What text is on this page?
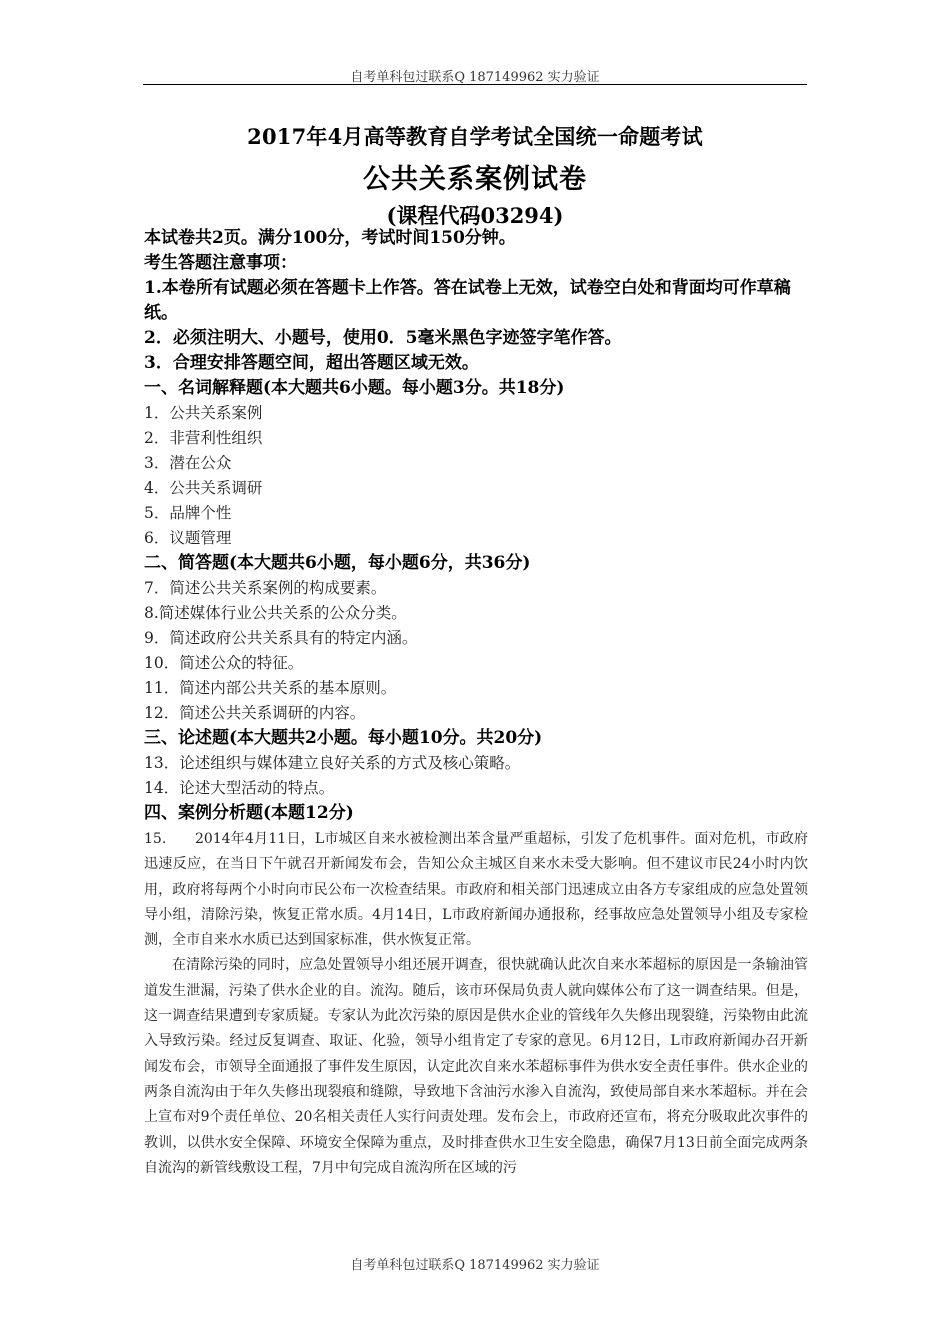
自考单科包过联系Q 187149962 实力验证
2017年4月高等教育自学考试全国统一命题考试
公共关系案例试卷
(课程代码03294)
本试卷共2页。满分100分，考试时间150分钟。
考生答题注意事项：
1.本卷所有试题必须在答题卡上作答。答在试卷上无效，试卷空白处和背面均可作草稿纸。
2．必须注明大、小题号，使用0．5毫米黑色字迹签字笔作答。
3．合理安排答题空间，超出答题区域无效。
一、名词解释题(本大题共6小题。每小题3分。共18分)
1．公共关系案例
2．非营利性组织
3．潜在公众
4．公共关系调研
5．品牌个性
6．议题管理
二、简答题(本大题共6小题，每小题6分，共36分)
7．简述公共关系案例的构成要素。
8.简述媒体行业公共关系的公众分类。
9．简述政府公共关系具有的特定内涵。
10．简述公众的特征。
11．简述内部公共关系的基本原则。
12．简述公共关系调研的内容。
三、论述题(本大题共2小题。每小题10分。共20分)
13．论述组织与媒体建立良好关系的方式及核心策略。
14．论述大型活动的特点。
四、案例分析题(本题12分)

15.　　2014年4月11日，L市城区自来水被检测出苯含量严重超标，引发了危机事件。面对危机，市政府迅速反应，在当日下午就召开新闻发布会，告知公众主城区自来水未受大影响。但不建议市民24小时内饮用，政府将每两个小时向市民公布一次检查结果。市政府和相关部门迅速成立由各方专家组成的应急处置领导小组，清除污染，恢复正常水质。4月14日，L市政府新闻办通报称，经事故应急处置领导小组及专家检测，全市自来水水质已达到国家标准，供水恢复正常。

在清除污染的同时，应急处置领导小组还展开调查，很快就确认此次自来水苯超标的原因是一条输油管道发生泄漏，污染了供水企业的自。流沟。随后，该市环保局负责人就向媒体公布了这一调查结果。但是，这一调查结果遭到专家质疑。专家认为此次污染的原因是供水企业的管线年久失修出现裂缝，污染物由此流入导致污染。经过反复调查、取证、化验，领导小组肯定了专家的意见。6月12日，L市政府新闻办召开新闻发布会，市领导全面通报了事件发生原因，认定此次自来水苯超标事件为供水安全责任事件。供水企业的两条自流沟由于年久失修出现裂痕和缝隙，导致地下含油污水渗入自流沟，致使局部自来水苯超标。并在会上宣布对9个责任单位、20名相关责任人实行问责处理。发布会上，市政府还宣布，将充分吸取此次事件的教训，以供水安全保障、环境安全保障为重点，及时排查供水卫生安全隐患，确保7月13日前全面完成两条自流沟的新管线敷设工程，7月中旬完成自流沟所在区域的污

自考单科包过联系Q 187149962 实力验证
